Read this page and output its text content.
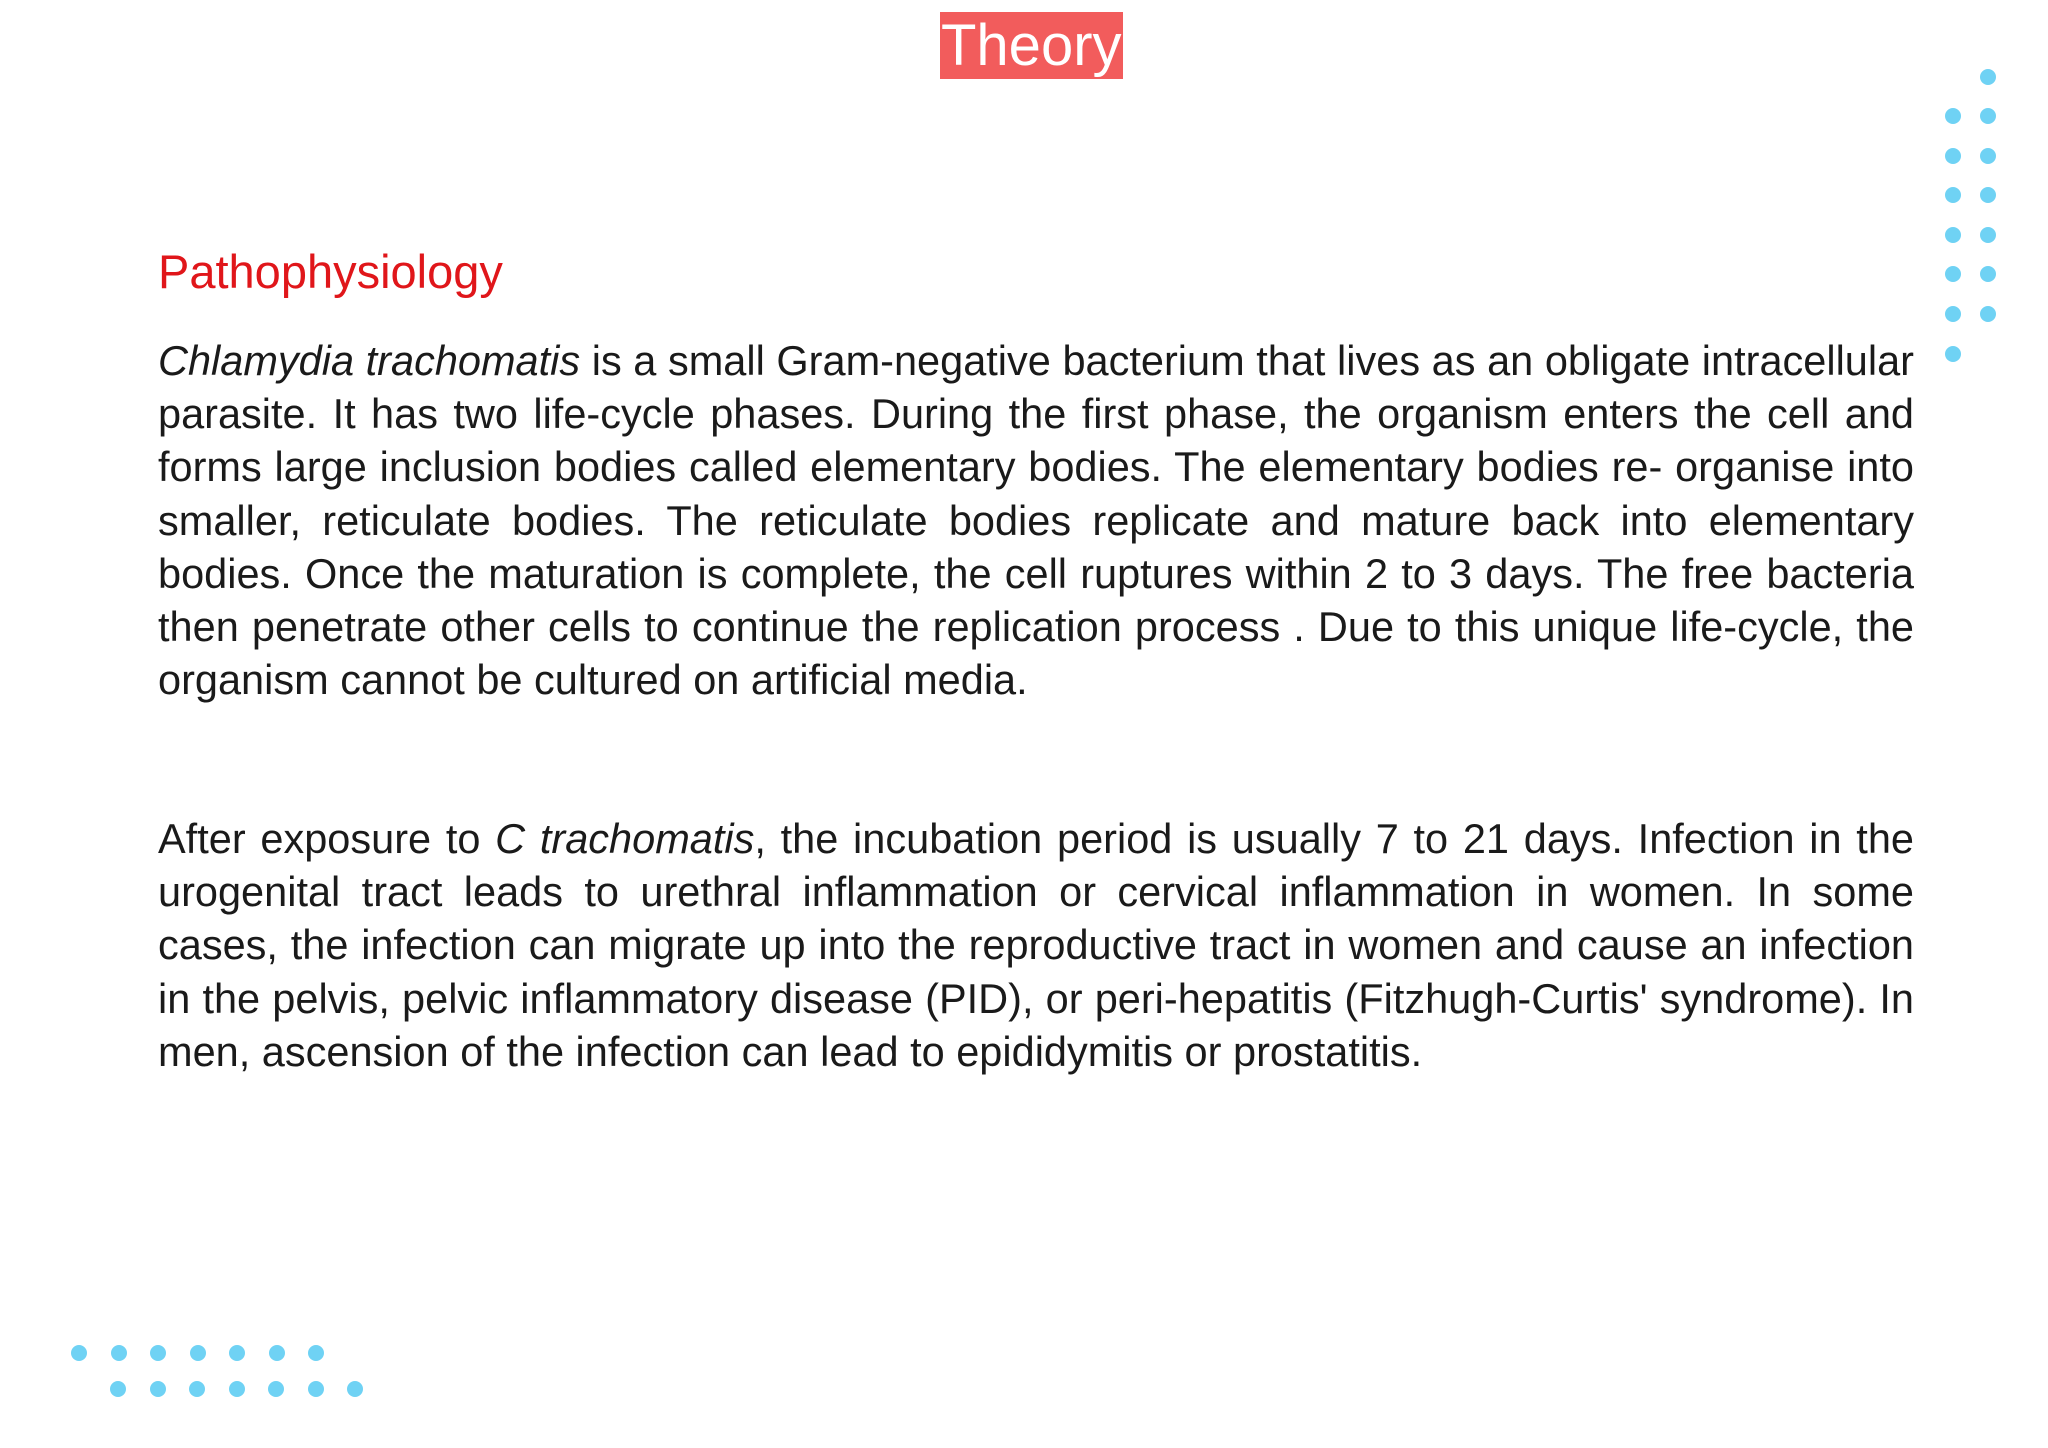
Theory
Pathophysiology

Chlamydia trachomatis is a small Gram-negative bacterium that lives as an obligate intracellular parasite. It has two life-cycle phases. During the first phase, the organism enters the cell and forms large inclusion bodies called elementary bodies. The elementary bodies re- organise into smaller, reticulate bodies. The reticulate bodies replicate and mature back into elementary bodies. Once the maturation is complete, the cell ruptures within 2 to 3 days. The free bacteria then penetrate other cells to continue the replication process . Due to this unique life-cycle, the organism cannot be cultured on artificial media.

After exposure to C trachomatis, the incubation period is usually 7 to 21 days. Infection in the urogenital tract leads to urethral inflammation or cervical inflammation in women. In some cases, the infection can migrate up into the reproductive tract in women and cause an infection in the pelvis, pelvic inflammatory disease (PID), or peri-hepatitis (Fitzhugh-Curtis' syndrome). In men, ascension of the infection can lead to epididymitis or prostatitis.
